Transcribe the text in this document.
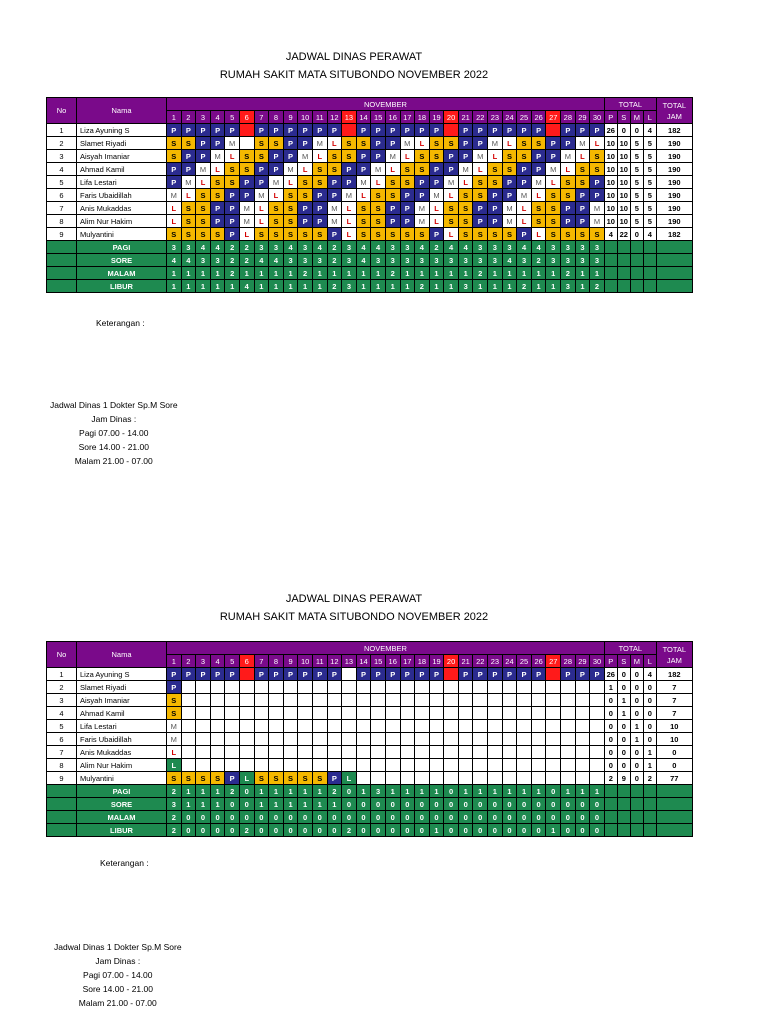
JADWAL DINAS PERAWAT
RUMAH SAKIT MATA SITUBONDO NOVEMBER 2022
No	Nama	NOVEMBER																														TOTAL				TOTAL JAM
		1	2	3	4	5	6	7	8	9	10	11	12	13	14	15	16	17	18	19	20	21	22	23	24	25	26	27	28	29	30	P	S	M	L	
1	Liza Ayuning S	P	P	P	P	P		P	P	P	P	P	P		P	P	P	P	P	P		P	P	P	P	P	P		P	P	P	26	0	0	4	182
2	Slamet Riyadi	S	S	P	P	M		S	S	P	P	M	L	S	S	P	P	M	L	S	S	P	P	M	L	S	S	P	P	M	L	10	10	5	5	190
3	Aisyah Imaniar	S	P	P	M	L	S	S	P	P	M	L	S	S	P	P	M	L	S	S	P	P	M	L	S	S	P	P	M	L	S	10	10	5	5	190
4	Ahmad Kamil	P	P	M	L	S	S	P	P	M	L	S	S	P	P	M	L	S	S	P	P	M	L	S	S	P	P	M	L	S	S	10	10	5	5	190
5	Lifa Lestari	P	M	L	S	S	P	P	M	L	S	S	P	P	M	L	S	S	P	P	M	L	S	S	P	P	M	L	S	S	P	10	10	5	5	190
6	Faris Ubaidillah	M	L	S	S	P	P	M	L	S	S	P	P	M	L	S	S	P	P	M	L	S	S	P	P	M	L	S	S	P	P	10	10	5	5	190
7	Anis Mukaddas	L	S	S	P	P	M	L	S	S	P	P	M	L	S	S	P	P	M	L	S	S	P	P	M	L	S	S	P	P	M	10	10	5	5	190
8	Alim Nur Hakim	L	S	S	P	P	M	L	S	S	P	P	M	L	S	S	P	P	M	L	S	S	P	P	M	L	S	S	P	P	M	10	10	5	5	190
9	Mulyantini	S	S	S	S	P	L	S	S	S	S	S	P	L	S	S	S	S	S	P	L	S	S	S	S	P	L	S	S	S	S	4	22	0	4	182
	PAGI	3	3	4	4	2	2	3	3	4	3	4	2	3	4	4	3	3	4	2	4	4	3	3	3	4	4	3	3	3	3					
	SORE	4	4	3	3	2	2	4	4	3	3	3	2	3	4	3	3	3	3	3	3	3	3	3	4	3	2	3	3	3	3					
	MALAM	1	1	1	1	2	1	1	1	1	2	1	1	1	1	1	2	1	1	1	1	1	2	1	1	1	1	1	2	1	1					
	LIBUR	1	1	1	1	1	4	1	1	1	1	1	2	3	1	1	1	1	2	1	1	3	1	1	1	2	1	1	3	1	2					
Keterangan :
Jadwal Dinas 1 Dokter Sp.M Sore
Jam Dinas :
Pagi 07.00 - 14.00
Sore 14.00 - 21.00
Malam 21.00 - 07.00
JADWAL DINAS PERAWAT
RUMAH SAKIT MATA SITUBONDO NOVEMBER 2022
No	Nama	NOVEMBER																														TOTAL				TOTAL JAM
		1	2	3	4	5	6	7	8	9	10	11	12	13	14	15	16	17	18	19	20	21	22	23	24	25	26	27	28	29	30	P	S	M	L	
1	Liza Ayuning S	P	P	P	P	P		P	P	P	P	P	P		P	P	P	P	P	P		P	P	P	P	P	P		P	P	P	26	0	0	4	182
2	Slamet Riyadi	P																														1	0	0	0	7
3	Aisyah Imaniar	S																														0	1	0	0	7
4	Ahmad Kamil	S																														0	1	0	0	7
5	Lifa Lestari	M																														0	0	1	0	10
6	Faris Ubaidillah	M																														0	0	1	0	10
7	Anis Mukaddas	L																														0	0	0	1	0
8	Alim Nur Hakim	L																														0	0	0	1	0
9	Mulyantini	S	S	S	S	P	L	S	S	S	S	S	P	L																		2	9	0	2	77
	PAGI	2	1	1	1	2	0	1	1	1	1	1	2	0	1	3	1	1	1	1	0	1	1	1	1	1	1	0	1	1	1					
	SORE	3	1	1	1	0	0	1	1	1	1	1	1	0	0	0	0	0	0	0	0	0	0	0	0	0	0	0	0	0	0					
	MALAM	2	0	0	0	0	0	0	0	0	0	0	0	0	0	0	0	0	0	0	0	0	0	0	0	0	0	0	0	0	0					
	LIBUR	2	0	0	0	0	2	0	0	0	0	0	0	2	0	0	0	0	0	1	0	0	0	0	0	0	0	1	0	0	0					
Keterangan :
Jadwal Dinas 1 Dokter Sp.M Sore
Jam Dinas :
Pagi 07.00 - 14.00
Sore 14.00 - 21.00
Malam 21.00 - 07.00
